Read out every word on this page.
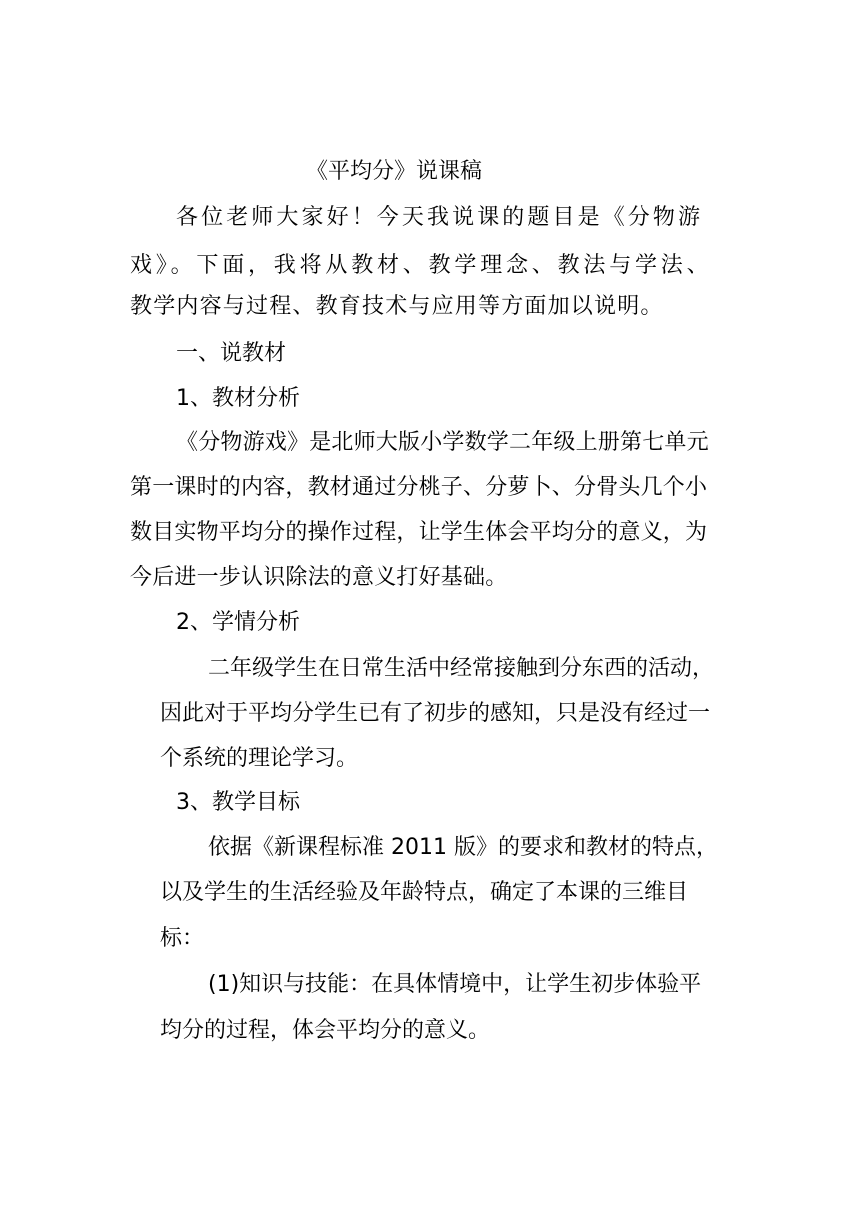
《平均分》说课稿
各位老师大家好！今天我说课的题目是《分物游
戏》。下面，我将从教材、教学理念、教法与学法、
教学内容与过程、教育技术与应用等方面加以说明。
一、说教材
1、教材分析
《分物游戏》是北师大版小学数学二年级上册第七单元
第一课时的内容，教材通过分桃子、分萝卜、分骨头几个小
数目实物平均分的操作过程，让学生体会平均分的意义，为
今后进一步认识除法的意义打好基础。
2、学情分析
二年级学生在日常生活中经常接触到分东西的活动，
因此对于平均分学生已有了初步的感知，只是没有经过一
个系统的理论学习。
3、教学目标
依据《新课程标准 2011 版》的要求和教材的特点，
以及学生的生活经验及年龄特点，确定了本课的三维目
标：
(1)知识与技能：在具体情境中，让学生初步体验平
均分的过程，体会平均分的意义。
